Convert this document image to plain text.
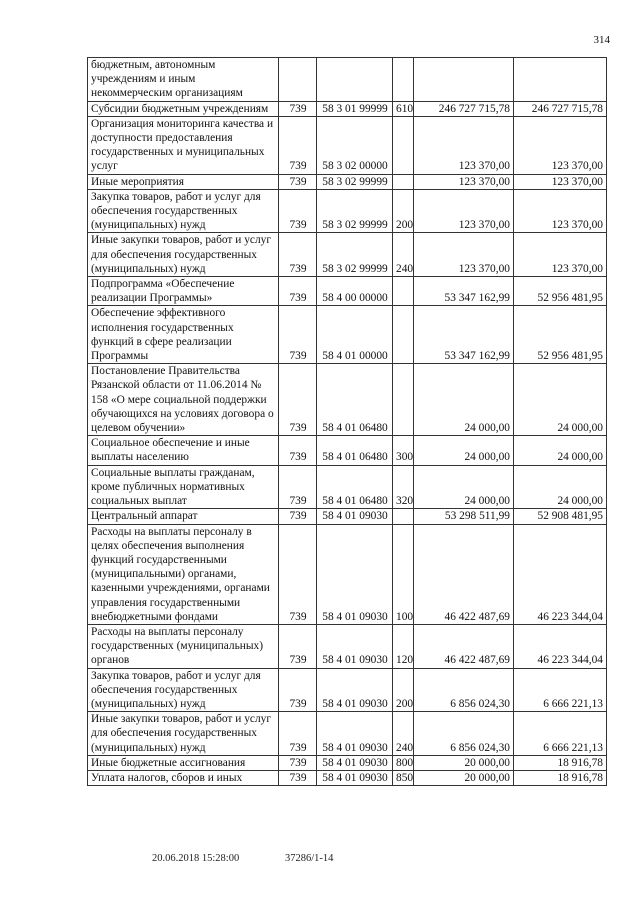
314
бюджетным, автономным учреждениям и иным некоммерческим организациям					
Субсидии бюджетным учреждениям	739	58 3 01 99999	610	246 727 715,78	246 727 715,78
Организация мониторинга качества и доступности предоставления государственных и муниципальных услуг	739	58 3 02 00000		123 370,00	123 370,00
Иные мероприятия	739	58 3 02 99999		123 370,00	123 370,00
Закупка товаров, работ и услуг для обеспечения государственных (муниципальных) нужд	739	58 3 02 99999	200	123 370,00	123 370,00
Иные закупки товаров, работ и услуг для обеспечения государственных (муниципальных) нужд	739	58 3 02 99999	240	123 370,00	123 370,00
Подпрограмма «Обеспечение реализации Программы»	739	58 4 00 00000		53 347 162,99	52 956 481,95
Обеспечение эффективного исполнения государственных функций в сфере реализации Программы	739	58 4 01 00000		53 347 162,99	52 956 481,95
Постановление Правительства Рязанской области от 11.06.2014 № 158 «О мере социальной поддержки обучающихся на условиях договора о целевом обучении»	739	58 4 01 06480		24 000,00	24 000,00
Социальное обеспечение и иные выплаты населению	739	58 4 01 06480	300	24 000,00	24 000,00
Социальные выплаты гражданам, кроме публичных нормативных социальных выплат	739	58 4 01 06480	320	24 000,00	24 000,00
Центральный аппарат	739	58 4 01 09030		53 298 511,99	52 908 481,95
Расходы на выплаты персоналу в целях обеспечения выполнения функций государственными (муниципальными) органами, казенными учреждениями, органами управления государственными внебюджетными фондами	739	58 4 01 09030	100	46 422 487,69	46 223 344,04
Расходы на выплаты персоналу государственных (муниципальных) органов	739	58 4 01 09030	120	46 422 487,69	46 223 344,04
Закупка товаров, работ и услуг для обеспечения государственных (муниципальных) нужд	739	58 4 01 09030	200	6 856 024,30	6 666 221,13
Иные закупки товаров, работ и услуг для обеспечения государственных (муниципальных) нужд	739	58 4 01 09030	240	6 856 024,30	6 666 221,13
Иные бюджетные ассигнования	739	58 4 01 09030	800	20 000,00	18 916,78
Уплата налогов, сборов и иных	739	58 4 01 09030	850	20 000,00	18 916,78
20.06.2018 15:28:00	37286/1-14
